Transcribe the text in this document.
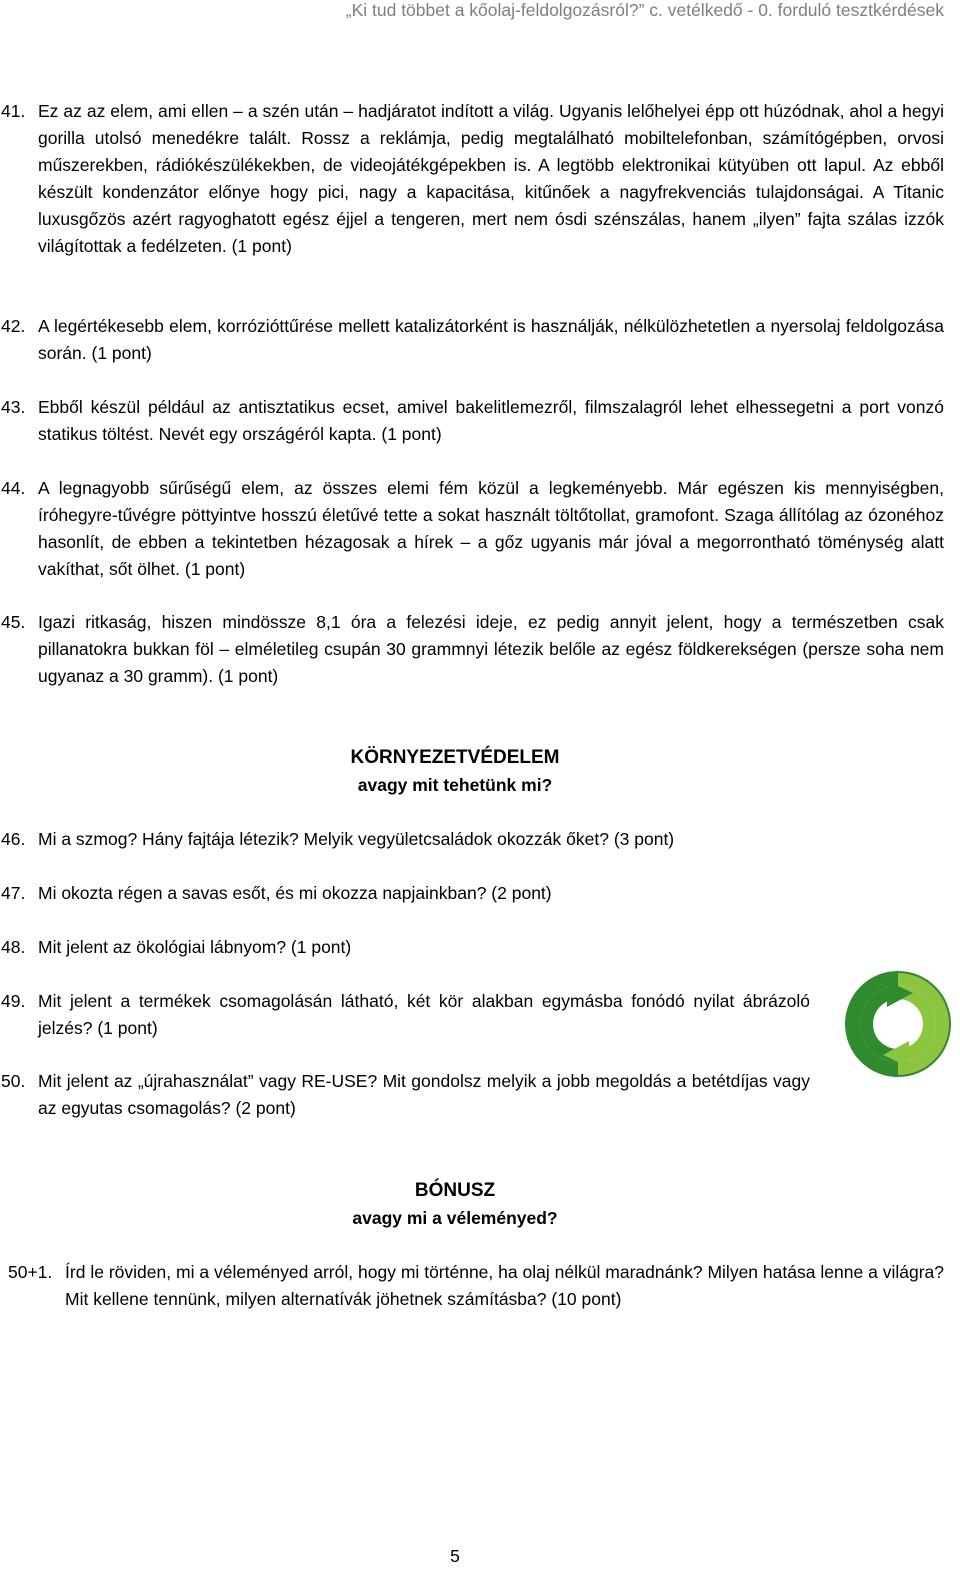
„Ki tud többet a kőolaj-feldolgozásról?” c. vetélkedő - 0. forduló tesztkérdések
41. Ez az az elem, ami ellen – a szén után – hadjáratot indított a világ. Ugyanis lelőhelyei épp ott húzódnak, ahol a hegyi gorilla utolsó menedékre talált. Rossz a reklámja, pedig megtalálható mobiltelefonban, számítógépben, orvosi műszerekben, rádiókészülékekben, de videojátékgépekben is. A legtöbb elektronikai kütyüben ott lapul. Az ebből készült kondenzátor előnye hogy pici, nagy a kapacitása, kitűnőek a nagyfrekvenciás tulajdonságai. A Titanic luxusgőzös azért ragyoghatott egész éjjel a tengeren, mert nem ósdi szénszálas, hanem „ilyen” fajta szálas izzók világítottak a fedélzeten. (1 pont)
42. A legértékesebb elem, korrózióttűrése mellett katalizátorként is használják, nélkülözhetetlen a nyersolaj feldolgozása során. (1 pont)
43. Ebből készül például az antisztatikus ecset, amivel bakelitlemezről, filmszalagról lehet elhessegetni a port vonzó statikus töltést. Nevét egy országéról kapta. (1 pont)
44. A legnagyobb sűrűségű elem, az összes elemi fém közül a legkeményebb. Már egészen kis mennyiségben, íróhegyre-tűvégre pöttyintve hosszú életűvé tette a sokat használt töltőtollat, gramofont. Szaga állítólag az ózonéhoz hasonlít, de ebben a tekintetben hézagosak a hírek – a gőz ugyanis már jóval a megorrontható töménység alatt vakíthat, sőt ölhet. (1 pont)
45. Igazi ritkaság, hiszen mindössze 8,1 óra a felezési ideje, ez pedig annyit jelent, hogy a természetben csak pillanatokra bukkan föl – elméletileg csupán 30 grammnyi létezik belőle az egész földkerekségen (persze soha nem ugyanaz a 30 gramm). (1 pont)
KÖRNYEZETVÉDELEM
avagy mit tehetünk mi?
46. Mi a szmog? Hány fajtája létezik? Melyik vegyületcsaládok okozzák őket? (3 pont)
47. Mi okozta régen a savas esőt, és mi okozza napjainkban? (2 pont)
48. Mit jelent az ökológiai lábnyom? (1 pont)
49. Mit jelent a termékek csomagolásán látható, két kör alakban egymásba fonódó nyilat ábrázoló jelzés? (1 pont)
50. Mit jelent az „újrahasználat” vagy RE-USE? Mit gondolsz melyik a jobb megoldás a betétdíjas vagy az egyutas csomagolás? (2 pont)
BÓNUSZ
avagy mi a véleményed?
50+1. Írd le röviden, mi a véleményed arról, hogy mi történne, ha olaj nélkül maradnánk? Milyen hatása lenne a világra? Mit kellene tennünk, milyen alternatívák jöhetnek számításba? (10 pont)
5
